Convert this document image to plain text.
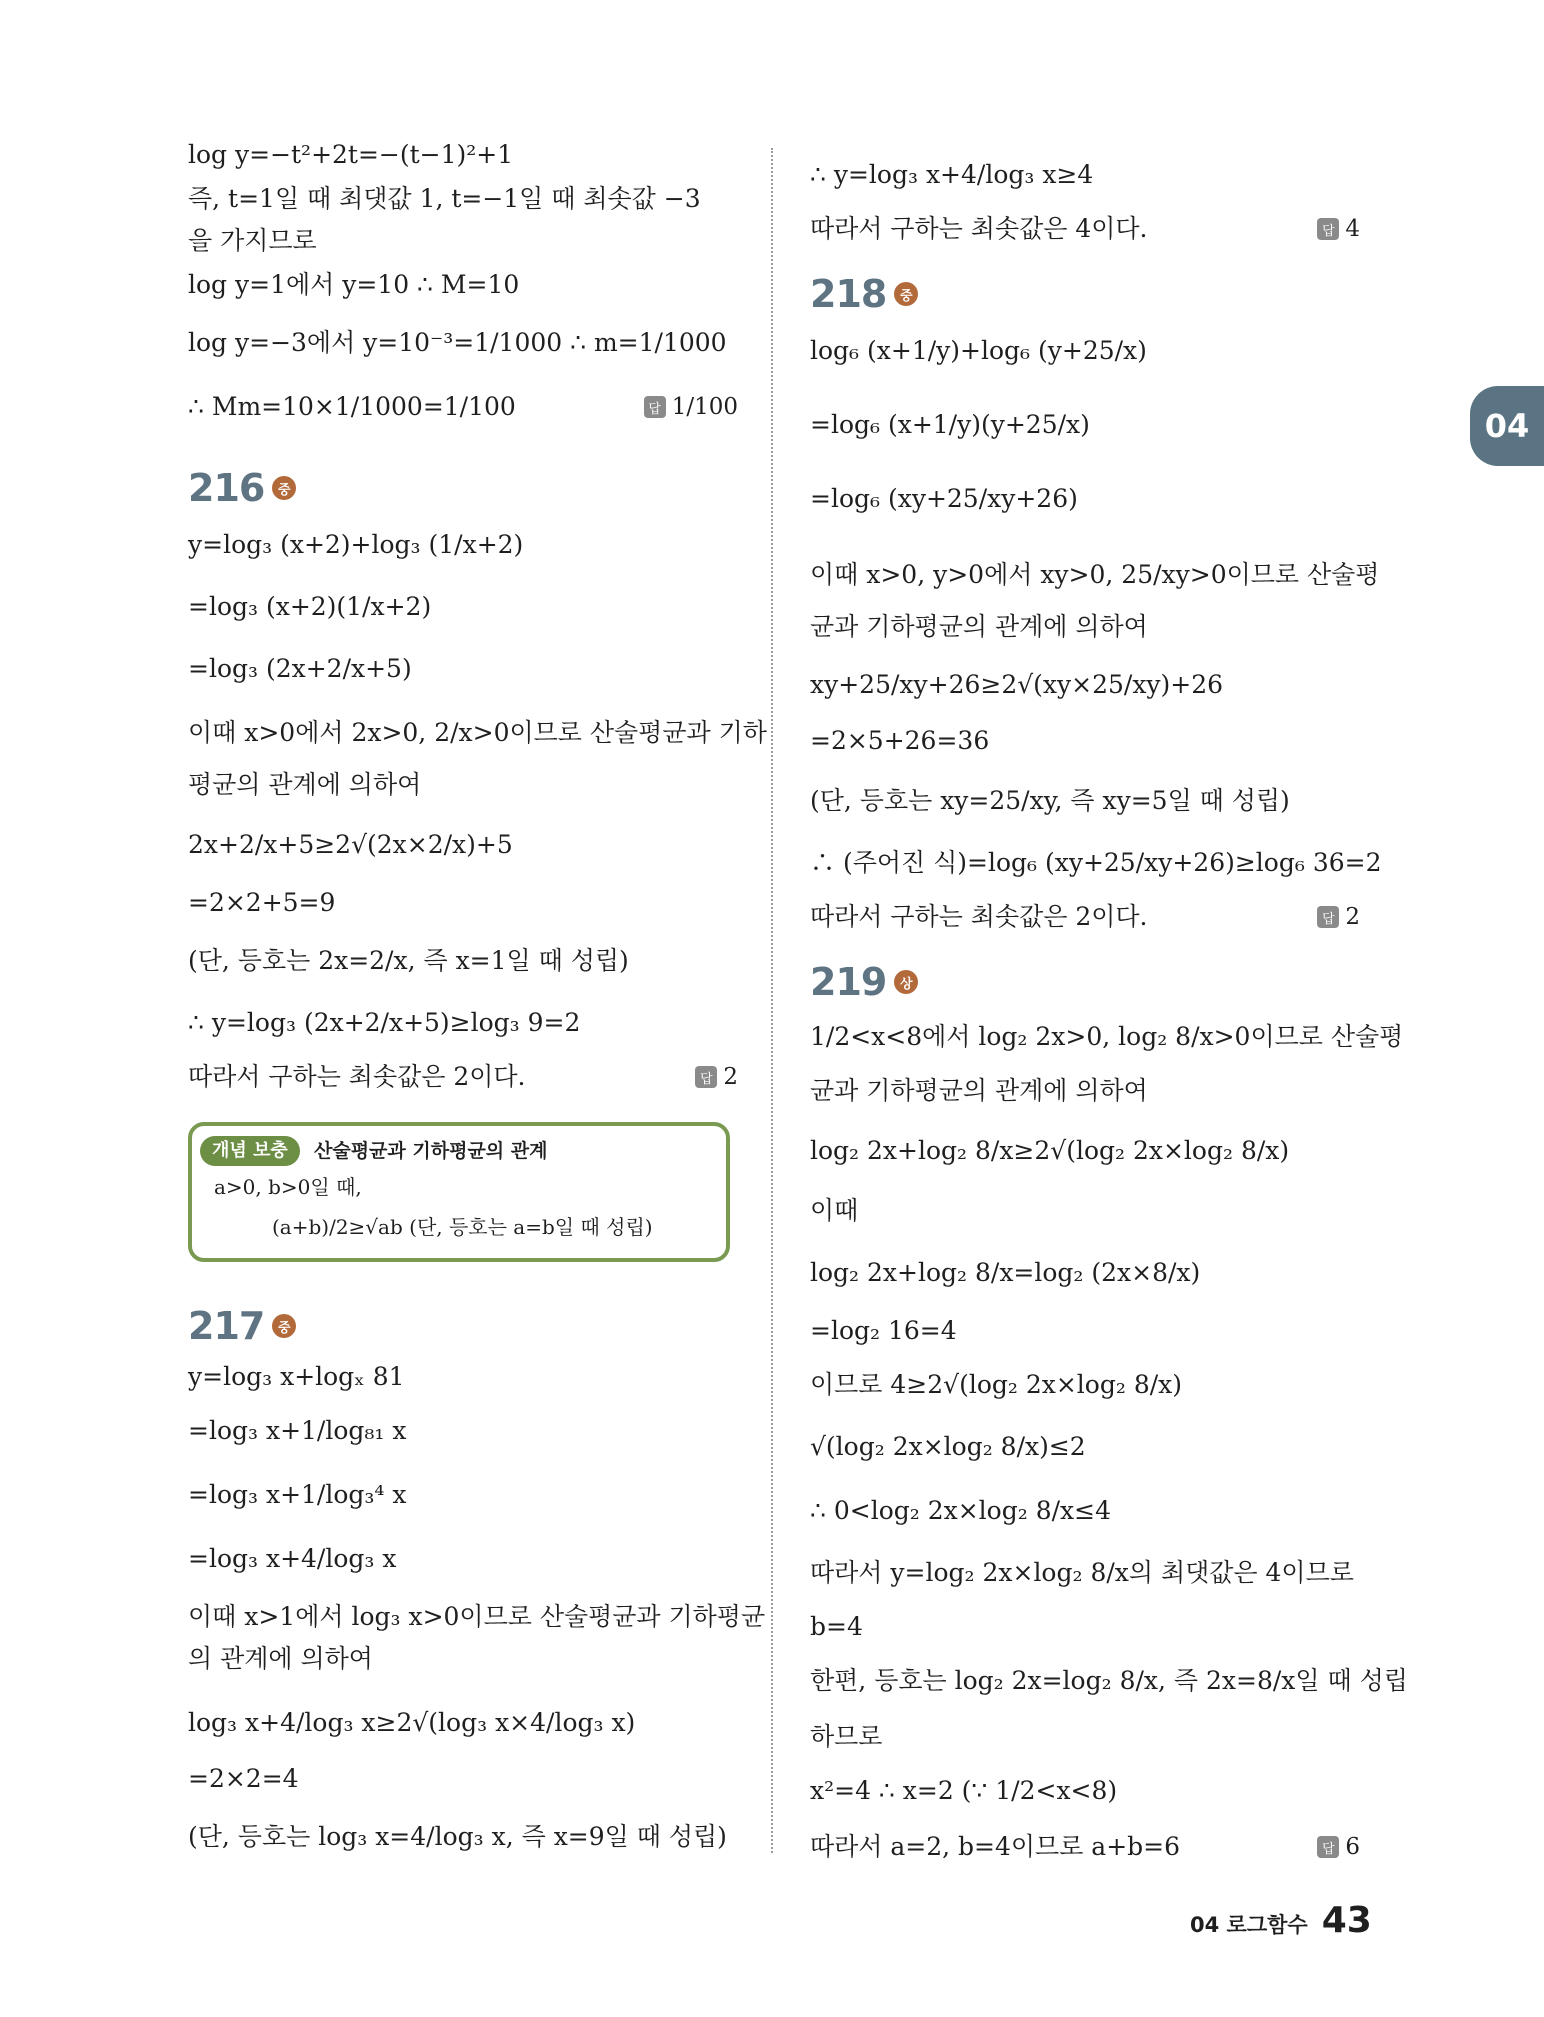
04
log y=−t²+2t=−(t−1)²+1
즉, t=1일 때 최댓값 1, t=−1일 때 최솟값 −3
을 가지므로
log y=1에서 y=10 ∴ M=10
log y=−3에서 y=10⁻³=1/1000 ∴ m=1/1000
∴ Mm=10×1/1000=1/100	답 1/100
216	중
y=log₃ (x+2)+log₃ (1/x+2)
=log₃ (x+2)(1/x+2)
=log₃ (2x+2/x+5)
이때 x>0에서 2x>0, 2/x>0이므로 산술평균과 기하
평균의 관계에 의하여
2x+2/x+5≥2√(2x×2/x)+5
=2×2+5=9
(단, 등호는 2x=2/x, 즉 x=1일 때 성립)
∴ y=log₃ (2x+2/x+5)≥log₃ 9=2
따라서 구하는 최솟값은 2이다.	답 2
개념 보충	산술평균과 기하평균의 관계
a>0, b>0일 때,
(a+b)/2≥√ab (단, 등호는 a=b일 때 성립)
217	중
y=log₃ x+logₓ 81
=log₃ x+1/log₈₁ x
=log₃ x+1/log₃⁴ x
=log₃ x+4/log₃ x
이때 x>1에서 log₃ x>0이므로 산술평균과 기하평균
의 관계에 의하여
log₃ x+4/log₃ x≥2√(log₃ x×4/log₃ x)
=2×2=4
(단, 등호는 log₃ x=4/log₃ x, 즉 x=9일 때 성립)
∴ y=log₃ x+4/log₃ x≥4
따라서 구하는 최솟값은 4이다.	답 4
218	중
log₆ (x+1/y)+log₆ (y+25/x)
=log₆ (x+1/y)(y+25/x)
=log₆ (xy+25/xy+26)
이때 x>0, y>0에서 xy>0, 25/xy>0이므로 산술평
균과 기하평균의 관계에 의하여
xy+25/xy+26≥2√(xy×25/xy)+26
=2×5+26=36
(단, 등호는 xy=25/xy, 즉 xy=5일 때 성립)
∴ (주어진 식)=log₆ (xy+25/xy+26)≥log₆ 36=2
따라서 구하는 최솟값은 2이다.	답 2
219	상
1/2<x<8에서 log₂ 2x>0, log₂ 8/x>0이므로 산술평
균과 기하평균의 관계에 의하여
log₂ 2x+log₂ 8/x≥2√(log₂ 2x×log₂ 8/x)
이때
log₂ 2x+log₂ 8/x=log₂ (2x×8/x)
=log₂ 16=4
이므로 4≥2√(log₂ 2x×log₂ 8/x)
√(log₂ 2x×log₂ 8/x)≤2
∴ 0<log₂ 2x×log₂ 8/x≤4
따라서 y=log₂ 2x×log₂ 8/x의 최댓값은 4이므로
b=4
한편, 등호는 log₂ 2x=log₂ 8/x, 즉 2x=8/x일 때 성립
하므로
x²=4 ∴ x=2 (∵ 1/2<x<8)
따라서 a=2, b=4이므로 a+b=6	답 6
04 로그함수 43
